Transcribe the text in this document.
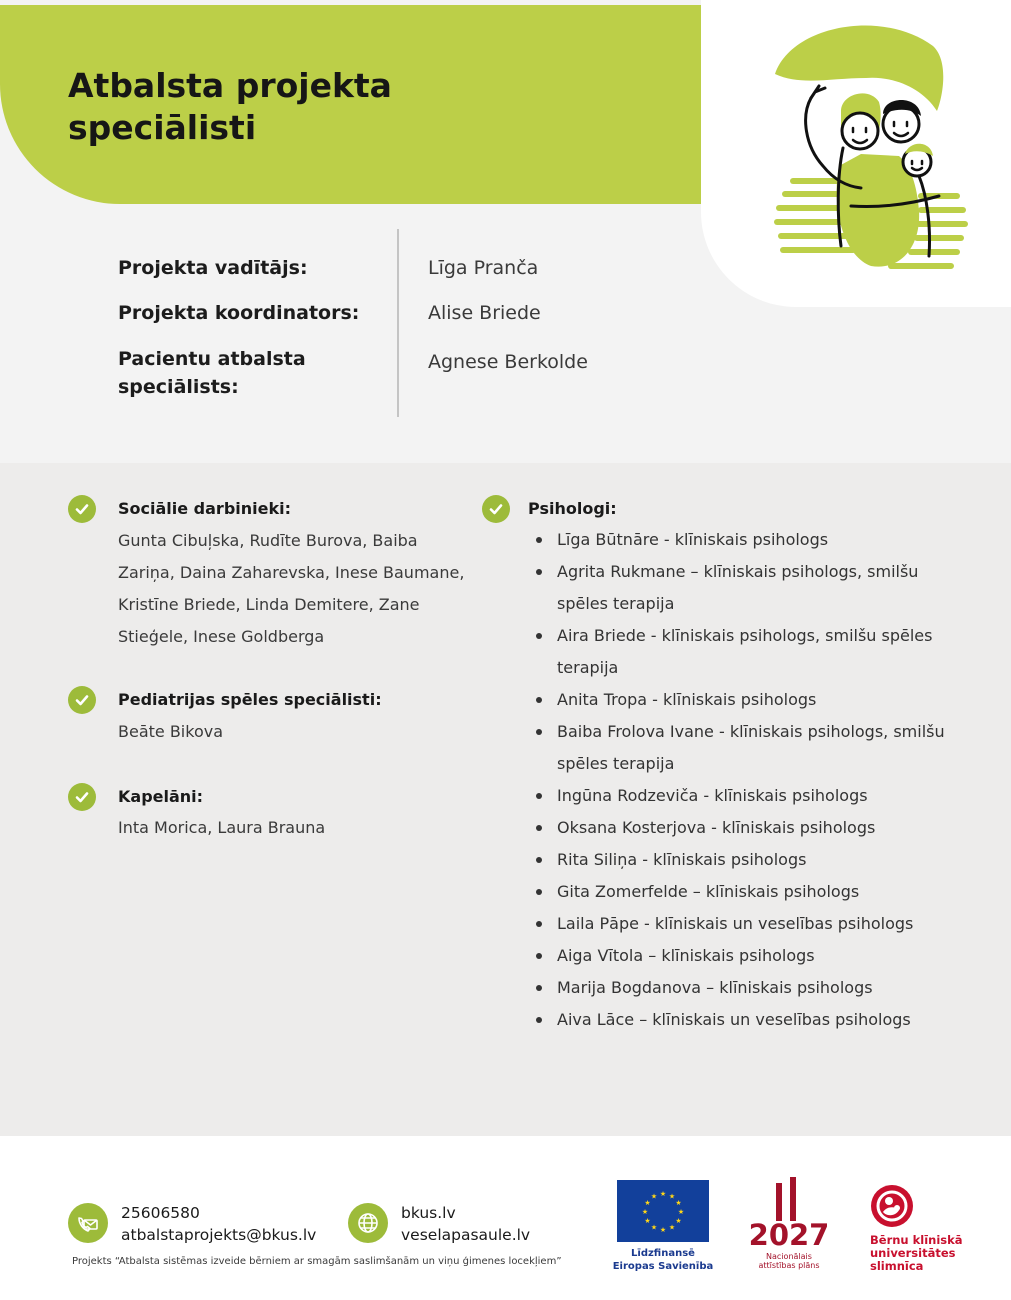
Atbalsta projekta speciālisti
Projekta vadītājs:	Līga Pranča
Projekta koordinators:	Alise Briede
Pacientu atbalsta speciālists:
Agnese Berkolde
Sociālie darbinieki:
Gunta Cibuļska, Rudīte Burova, Baiba Zariņa, Daina Zaharevska, Inese Baumane, Kristīne Briede, Linda Demitere, Zane Stieģele, Inese Goldberga
Pediatrijas spēles speciālisti:
Beāte Bikova
Kapelāni:
Inta Morica, Laura Brauna
Psihologi:
Līga Būtnāre - klīniskais psihologs
Agrita Rukmane – klīniskais psihologs, smilšu spēles terapija
Aira Briede - klīniskais psihologs, smilšu spēles terapija
Anita Tropa - klīniskais psihologs
Baiba Frolova Ivane - klīniskais psihologs, smilšu spēles terapija
Ingūna Rodzeviča - klīniskais psihologs
Oksana Kosterjova - klīniskais psihologs
Rita Siliņa - klīniskais psihologs
Gita Zomerfelde – klīniskais psihologs
Laila Pāpe - klīniskais un veselības psihologs
Aiga Vītola – klīniskais psihologs
Marija Bogdanova – klīniskais psihologs
Aiva Lāce – klīniskais un veselības psihologs
25606580
atbalstaprojekts@bkus.lv
bkus.lv
veselapasaule.lv
Projekts “Atbalsta sistēmas izveide bērniem ar smagām saslimšanām un viņu ģimenes locekļiem”
★ ★
★
★
★
★
★
★
★
★
★
★
Līdzfinansē
Eiropas Savienība
2027
Nacionālais
attīstības plāns
Bērnu klīniskā
universitātes
slimnīca
